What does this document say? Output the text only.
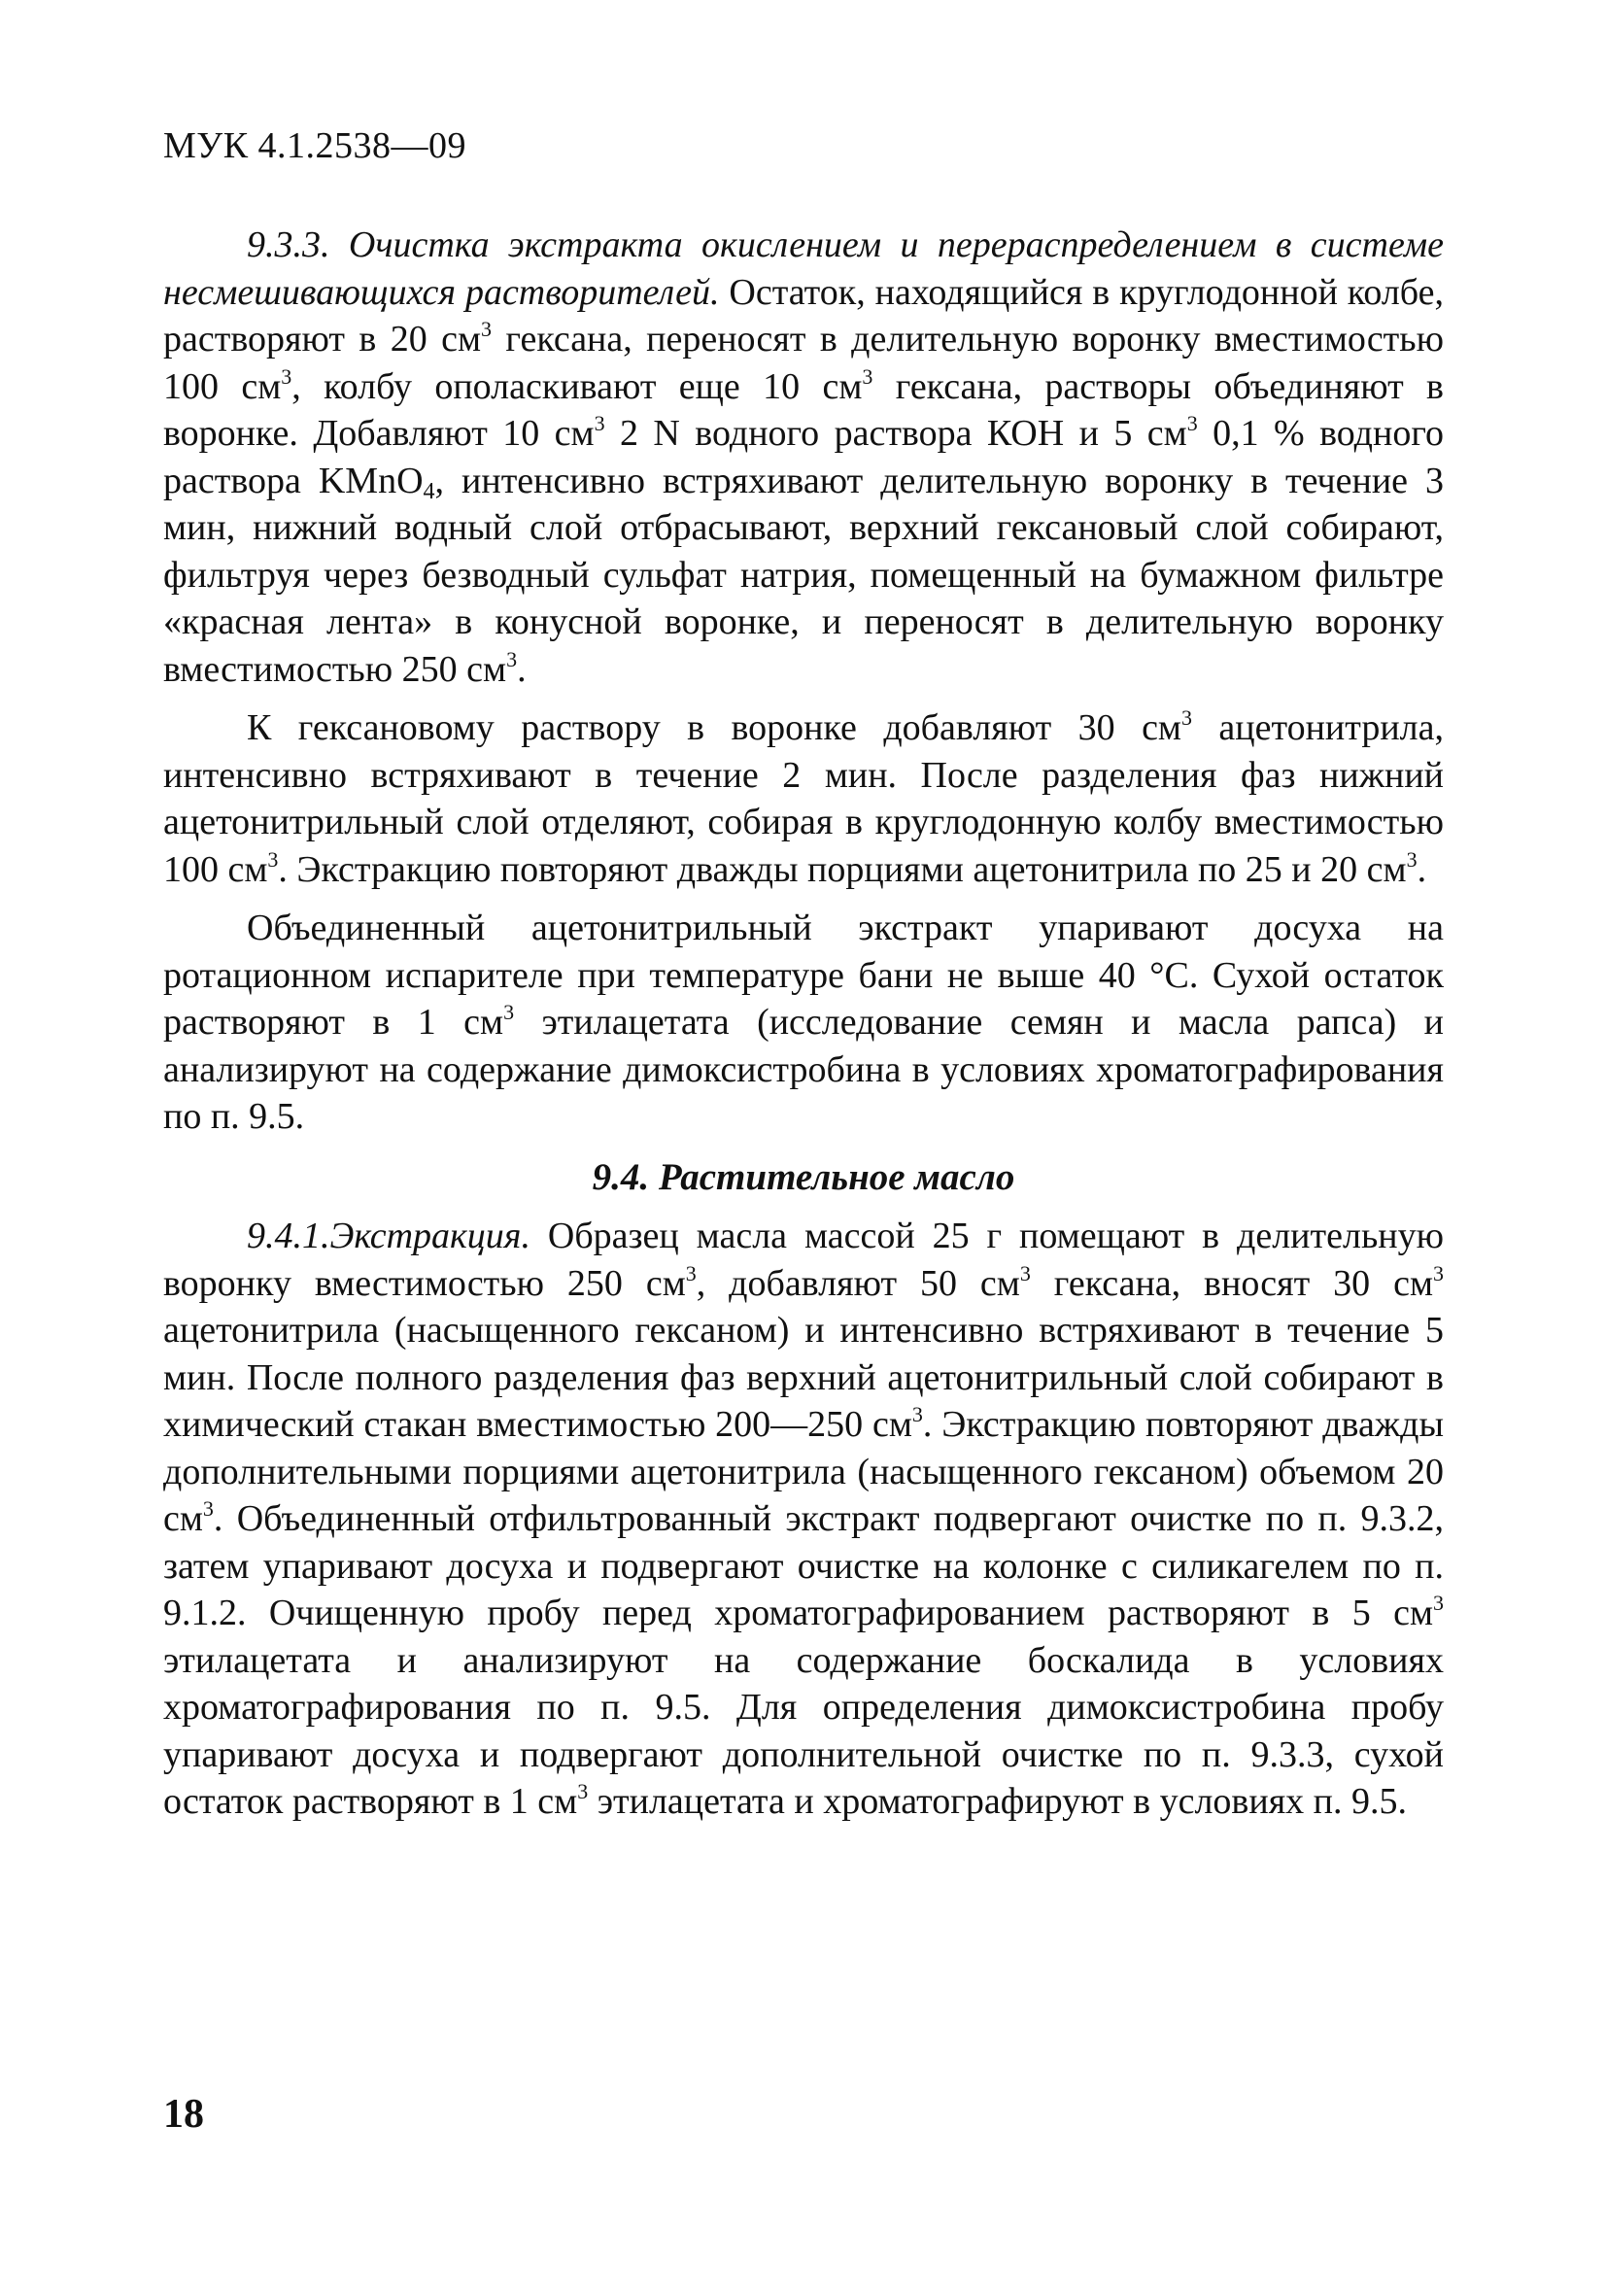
МУК 4.1.2538—09

9.3.3. Очистка экстракта окислением и перераспределением в системе несмешивающихся растворителей. Остаток, находящийся в круглодонной колбе, растворяют в 20 $см^3$ гексана, переносят в делительную воронку вместимостью 100 $см^3$, колбу ополаскивают еще 10 $см^3$ гексана, растворы объединяют в воронке. Добавляют 10 $см^3$ 2 N водного раствора КОН и 5 $см^3$ 0,1 % водного раствора KMnO$_4$, интенсивно встряхивают делительную воронку в течение 3 мин, нижний водный слой отбрасывают, верхний гексановый слой собирают, фильтруя через безводный сульфат натрия, помещенный на бумажном фильтре «красная лента» в конусной воронке, и переносят в делительную воронку вместимостью 250 $см^3$.

К гексановому раствору в воронке добавляют 30 $см^3$ ацетонитрила, интенсивно встряхивают в течение 2 мин. После разделения фаз нижний ацетонитрильный слой отделяют, собирая в круглодонную колбу вместимостью 100 $см^3$. Экстракцию повторяют дважды порциями ацетонитрила по 25 и 20 $см^3$.

Объединенный ацетонитрильный экстракт упаривают досуха на ротационном испарителе при температуре бани не выше 40 °С. Сухой остаток растворяют в 1 $см^3$ этилацетата (исследование семян и масла рапса) и анализируют на содержание димоксистробина в условиях хроматографирования по п. 9.5.

9.4. Растительное масло

9.4.1.Экстракция. Образец масла массой 25 г помещают в делительную воронку вместимостью 250 $см^3$, добавляют 50 $см^3$ гексана, вносят 30 $см^3$ ацетонитрила (насыщенного гексаном) и интенсивно встряхивают в течение 5 мин. После полного разделения фаз верхний ацетонитрильный слой собирают в химический стакан вместимостью 200—250 $см^3$. Экстракцию повторяют дважды дополнительными порциями ацетонитрила (насыщенного гексаном) объемом 20 $см^3$. Объединенный отфильтрованный экстракт подвергают очистке по п. 9.3.2, затем упаривают досуха и подвергают очистке на колонке с силикагелем по п. 9.1.2. Очищенную пробу перед хроматографированием растворяют в 5 $см^3$ этилацетата и анализируют на содержание боскалида в условиях хроматографирования по п. 9.5. Для определения димоксистробина пробу упаривают досуха и подвергают дополнительной очистке по п. 9.3.3, сухой остаток растворяют в 1 $см^3$ этилацетата и хроматографируют в условиях п. 9.5.

18
